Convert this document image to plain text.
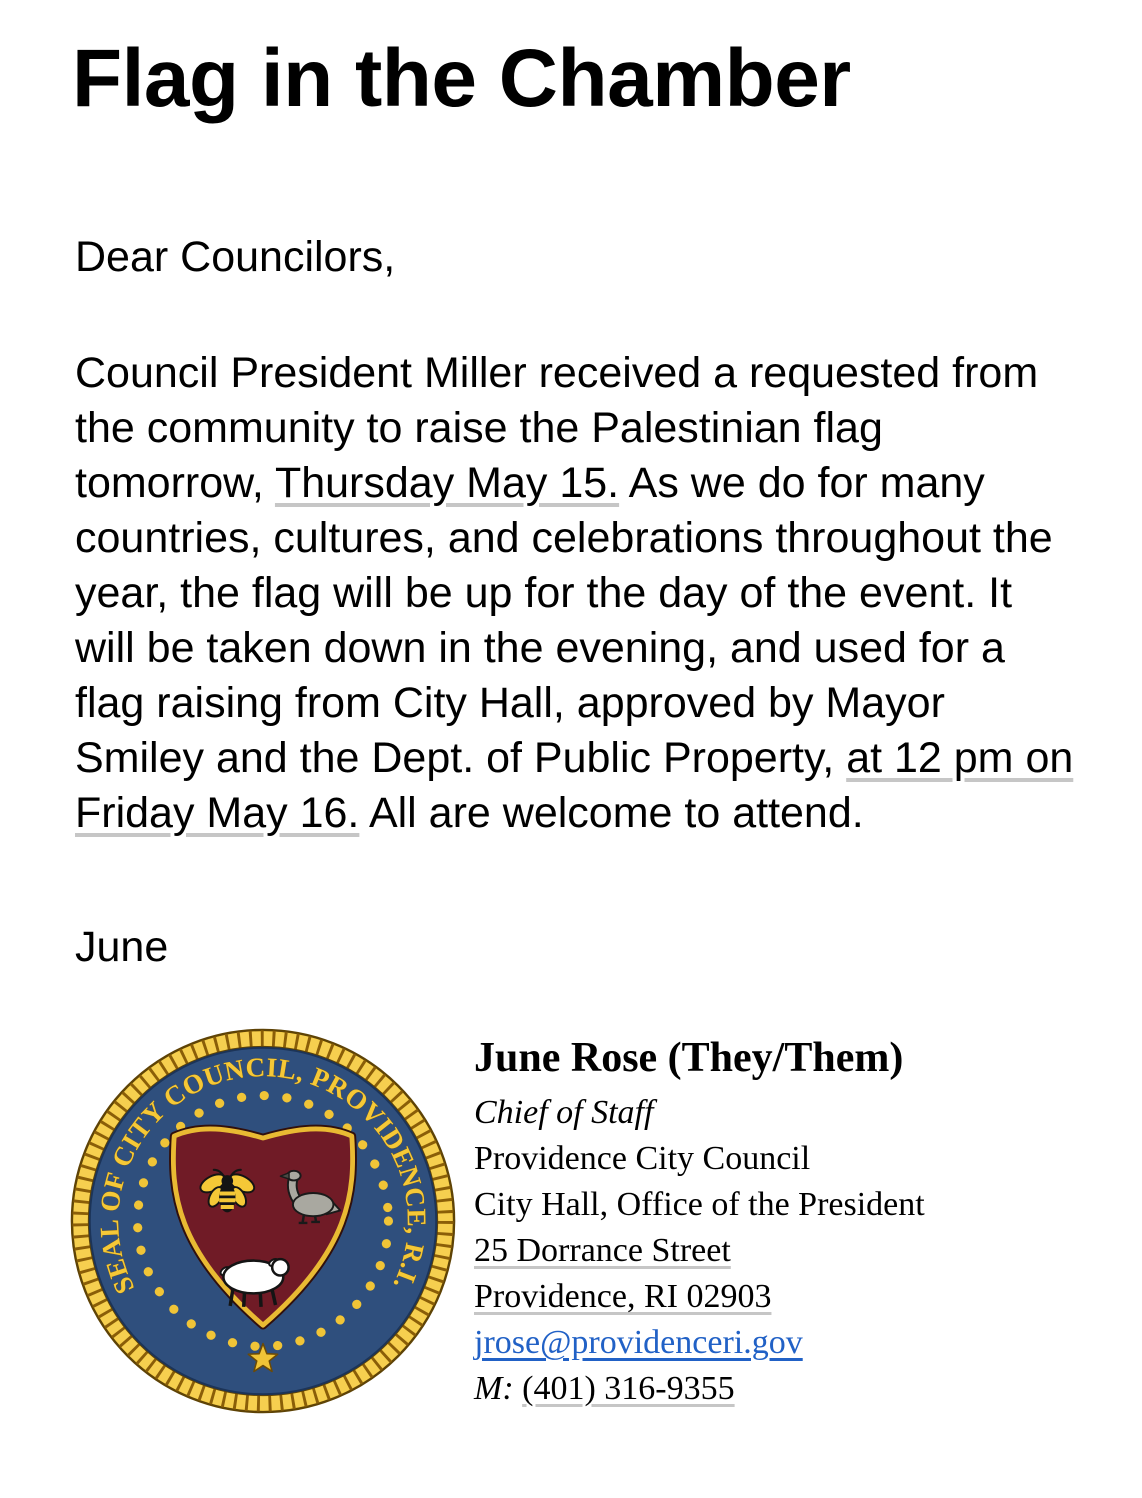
Flag in the Chamber
Dear Councilors,
Council President Miller received a requested from
the community to raise the Palestinian flag
tomorrow, Thursday May 15. As we do for many
countries, cultures, and celebrations throughout the
year, the flag will be up for the day of the event. It
will be taken down in the evening, and used for a
flag raising from City Hall, approved by Mayor
Smiley and the Dept. of Public Property, at 12 pm on
Friday May 16. All are welcome to attend.
June
SEAL OF CITY COUNCIL, PROVIDENCE, R.I.
June Rose (They/Them)
Chief of Staff
Providence City Council
City Hall, Office of the President
25 Dorrance Street
Providence, RI 02903
jrose@providenceri.gov
M: (401) 316-9355
